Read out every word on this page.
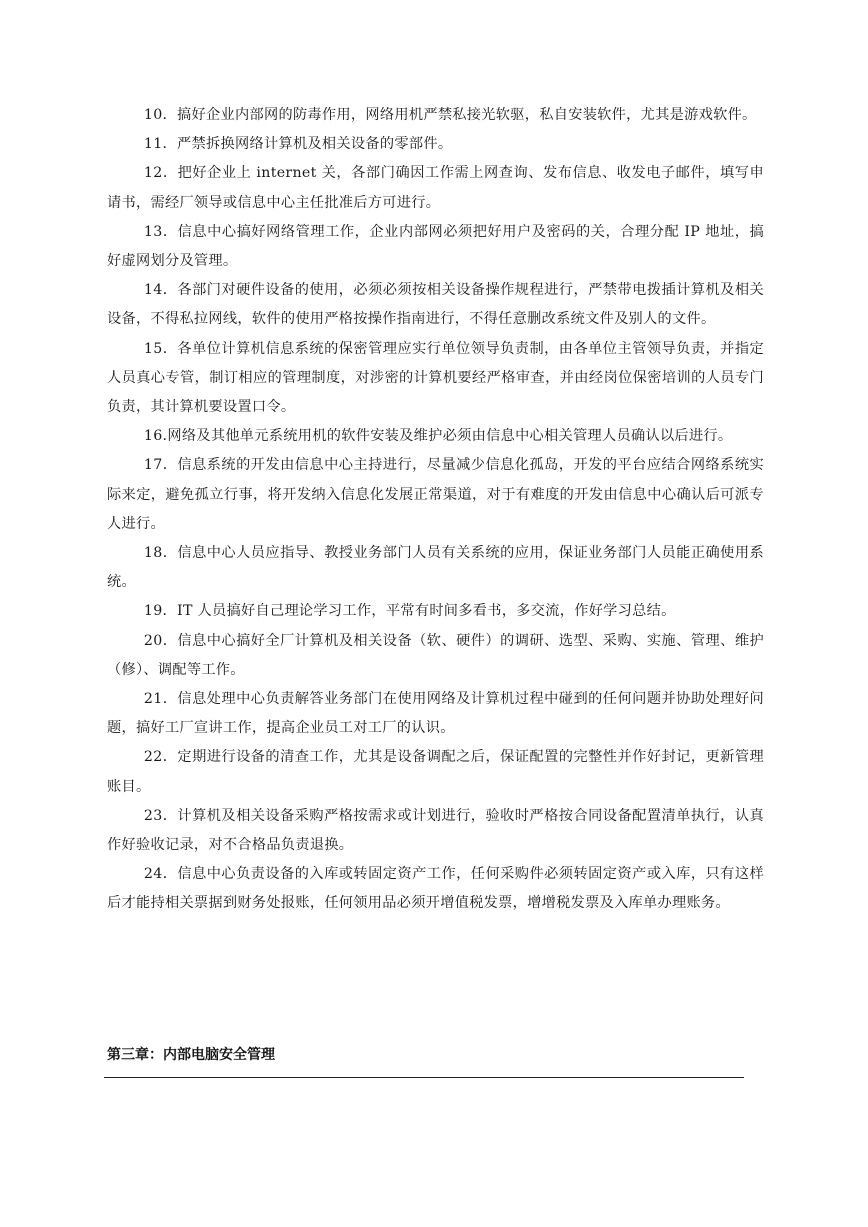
10．搞好企业内部网的防毒作用，网络用机严禁私接光软驱，私自安装软件，尤其是游戏软件。

11．严禁拆换网络计算机及相关设备的零部件。

12．把好企业上 internet 关，各部门确因工作需上网查询、发布信息、收发电子邮件，填写申请书，需经厂领导或信息中心主任批准后方可进行。

13．信息中心搞好网络管理工作，企业内部网必须把好用户及密码的关，合理分配 IP 地址，搞好虚网划分及管理。

14．各部门对硬件设备的使用，必须必须按相关设备操作规程进行，严禁带电拨插计算机及相关设备，不得私拉网线，软件的使用严格按操作指南进行，不得任意删改系统文件及别人的文件。

15．各单位计算机信息系统的保密管理应实行单位领导负责制，由各单位主管领导负责，并指定人员真心专管，制订相应的管理制度，对涉密的计算机要经严格审查，并由经岗位保密培训的人员专门负责，其计算机要设置口令。

16.网络及其他单元系统用机的软件安装及维护必须由信息中心相关管理人员确认以后进行。

17．信息系统的开发由信息中心主持进行，尽量减少信息化孤岛，开发的平台应结合网络系统实际来定，避免孤立行事，将开发纳入信息化发展正常渠道，对于有难度的开发由信息中心确认后可派专人进行。

18．信息中心人员应指导、教授业务部门人员有关系统的应用，保证业务部门人员能正确使用系统。

19．IT 人员搞好自己理论学习工作，平常有时间多看书，多交流，作好学习总结。

20．信息中心搞好全厂计算机及相关设备（软、硬件）的调研、选型、采购、实施、管理、维护（修）、调配等工作。

21．信息处理中心负责解答业务部门在使用网络及计算机过程中碰到的任何问题并协助处理好问题，搞好工厂宣讲工作，提高企业员工对工厂的认识。

22．定期进行设备的清查工作，尤其是设备调配之后，保证配置的完整性并作好封记，更新管理账目。

23．计算机及相关设备采购严格按需求或计划进行，验收时严格按合同设备配置清单执行，认真作好验收记录，对不合格品负责退换。

24．信息中心负责设备的入库或转固定资产工作，任何采购件必须转固定资产或入库，只有这样后才能持相关票据到财务处报账，任何领用品必须开增值税发票，增增税发票及入库单办理账务。

第三章：内部电脑安全管理
